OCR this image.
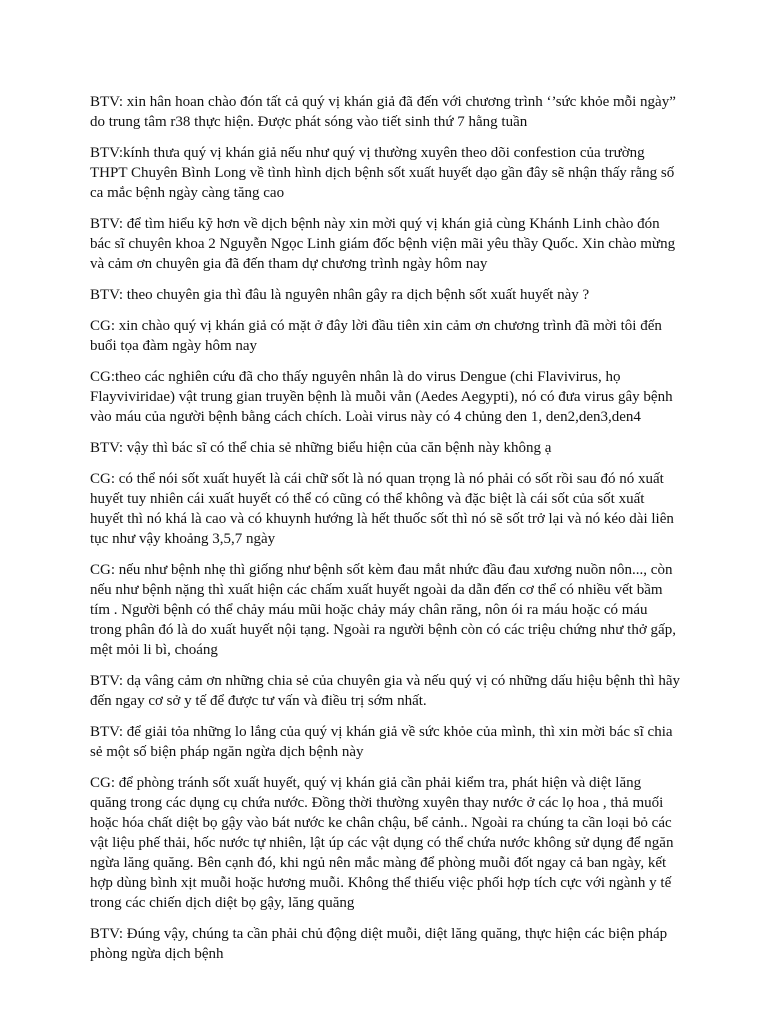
BTV: xin hân hoan chào đón tất cả quý vị khán giả đã đến với chương trình ‘’sức khỏe mỗi ngày” do trung tâm r38 thực hiện. Được phát sóng vào tiết sinh thứ 7 hằng tuần

BTV:kính thưa quý vị khán giả nếu như quý vị thường xuyên theo dõi confestion của trường THPT Chuyên Bình Long về tình hình dịch bệnh sốt xuất huyết dạo gần đây sẽ nhận thấy rằng số ca mắc bệnh ngày càng tăng cao

BTV: để tìm hiểu kỹ hơn về dịch bệnh này xin mời quý vị khán giả cùng Khánh Linh chào đón bác sĩ chuyên khoa 2 Nguyễn Ngọc Linh giám đốc bệnh viện mãi yêu thầy Quốc. Xin chào mừng và cảm ơn chuyên gia đã đến tham dự chương trình ngày hôm nay

BTV: theo chuyên gia thì đâu là nguyên nhân gây ra dịch bệnh sốt xuất huyết này ?

CG: xin chào quý vị khán giả có mặt ở đây lời đầu tiên xin cảm ơn chương trình đã mời tôi đến buổi tọa đàm ngày hôm nay

CG:theo các nghiên cứu đã cho thấy nguyên nhân là do virus Dengue (chi Flavivirus, họ Flayviviridae) vật trung gian truyền bệnh là muỗi vằn (Aedes Aegypti), nó có đưa virus gây bệnh vào máu của người bệnh bằng cách chích. Loài virus này có 4 chủng den 1, den2,den3,den4

BTV: vậy thì bác sĩ có thể chia sẻ những biểu hiện của căn bệnh này không ạ

CG: có thể nói sốt xuất huyết là cái chữ sốt là nó quan trọng là nó phải có sốt rồi sau đó nó xuất huyết tuy nhiên cái xuất huyết có thể có cũng có thể không và đặc biệt là cái sốt của sốt xuất huyết thì nó khá là cao và có khuynh hướng là hết thuốc sốt thì nó sẽ sốt trở lại và nó kéo dài liên tục như vậy khoảng 3,5,7 ngày

CG: nếu như bệnh nhẹ thì giống như bệnh sốt kèm đau mắt nhức đầu đau xương nuồn nôn..., còn nếu như bệnh nặng thì xuất hiện các chấm xuất huyết ngoài da dẫn đến cơ thể có nhiều vết bầm tím . Người bệnh có thể chảy máu mũi hoặc chảy máy chân răng, nôn ói ra máu hoặc có máu trong phân đó là do xuất huyết nội tạng. Ngoài ra người bệnh còn có các triệu chứng như thở gấp, mệt mỏi li bì, choáng

BTV: dạ vâng cảm ơn những chia sẻ của chuyên gia và nếu quý vị có những dấu hiệu bệnh thì hãy đến ngay cơ sở y tế để được tư vấn và điều trị sớm nhất.

BTV: để giải tỏa những lo lắng của quý vị khán giả về sức khỏe của mình, thì xin mời bác sĩ chia sẻ một số biện pháp ngăn ngừa dịch bệnh này

CG: để phòng tránh sốt xuất huyết, quý vị khán giả cần phải kiểm tra, phát hiện và diệt lăng quăng trong các dụng cụ chứa nước. Đồng thời thường xuyên thay nước ở các lọ hoa , thả muối hoặc hóa chất diệt bọ gậy vào bát nước ke chân chậu, bể cảnh.. Ngoài ra chúng ta cần loại bỏ các vật liệu phế thải, hốc nước tự nhiên, lật úp các vật dụng có thể chứa nước không sử dụng để ngăn ngừa lăng quăng. Bên cạnh đó, khi ngủ nên mắc màng để phòng muỗi đốt ngay cả ban ngày, kết hợp dùng bình xịt muỗi hoặc hương muỗi. Không thể thiếu việc phối hợp tích cực với ngành y tế trong các chiến dịch diệt bọ gậy, lăng quăng

BTV: Đúng vậy, chúng ta cần phải chủ động diệt muỗi, diệt lăng quăng, thực hiện các biện pháp phòng ngừa dịch bệnh
